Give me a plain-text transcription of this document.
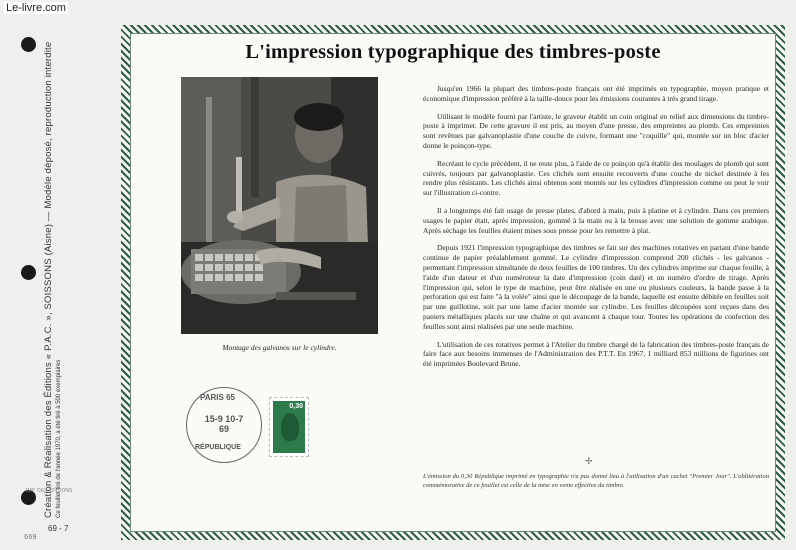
Le-livre.com
Création & Réalisation des Éditions « P.A.C. », SOISSONS (Aisne) — Modèle déposé, reproduction interdite Ce feuillet tiré de l'année 1970, a été tiré à 500 exemplaires
69 - 7
669
IMP. DES ÉDITIONS
L'impression typographique des timbres-poste
Montage des galvanos sur le cylindre.
PARIS 65
15-9 10-7 69
RÉPUBLIQUE
0,30

Jusqu'en 1966 la plupart des timbres-poste français ont été imprimés en typographie, moyen pratique et économique d'impression préféré à la taille-douce pour les émissions courantes à très grand tirage.

Utilisant le modèle fourni par l'artiste, le graveur établit un coin original en relief aux dimensions du timbre-poste à imprimer. De cette gravure il est pris, au moyen d'une presse, des empreintes au plomb. Ces empreintes sont revêtues par galvanoplastie d'une couche de cuivre, formant une "coquille" qui, montée sur un bloc d'acier donne le poinçon-type.

Recréant le cycle précédent, il ne reste plus, à l'aide de ce poinçon qu'à établir des moulages de plomb qui sont cuivrés, toujours par galvanoplastie. Ces clichés sont ensuite recouverts d'une couche de nickel destinée à les rendre plus résistants. Les clichés ainsi obtenus sont montés sur les cylindres d'impression comme on peut le voir sur l'illustration ci-contre.

Il a longtemps été fait usage de presse plates, d'abord à main, puis à platine et à cylindre. Dans ces premiers usages le papier était, après impression, gommé à la main ou à la brosse avec une solution de gomme arabique. Après séchage les feuilles étaient mises sous presse pour les remettre à plat.

Depuis 1921 l'impression typographique des timbres se fait sur des machines rotatives en partant d'une bande continue de papier préalablement gommé. Le cylindre d'impression comprend 200 clichés - les galvanos - permettant l'impression simultanée de deux feuilles de 100 timbres. Un des cylindres imprime sur chaque feuille, à l'aide d'un dateur et d'un numéroteur la date d'impression (coin daté) et un numéro d'ordre de tirage. Après l'impression qui, selon le type de machine, peut être réalisée en une ou plusieurs couleurs, la bande passe à la perforation qui est faite "à la volée" ainsi que le découpage de la bande, laquelle est ensuite débitée en feuilles soit par une guillotine, soit par une lame d'acier montée sur cylindre. Les feuilles découpées sont reçues dans des paniers métalliques placés sur une chaîne et qui avancent à chaque tour. Toutes les opérations de confection des feuilles sont ainsi réalisées par une seule machine.

L'utilisation de ces rotatives permet à l'Atelier du timbre chargé de la fabrication des timbres-poste français de faire face aux besoins immenses de l'Administration des P.T.T. En 1967, 1 milliard 853 millions de figurines ont été imprimées Boulevard Brune.

✢
L'émission du 0,30 République imprimé en typographie n'a pas donné lieu à l'utilisation d'un cachet "Premier Jour". L'oblitération commémorative de ce feuillet est celle de la mise en vente effective du timbre.
